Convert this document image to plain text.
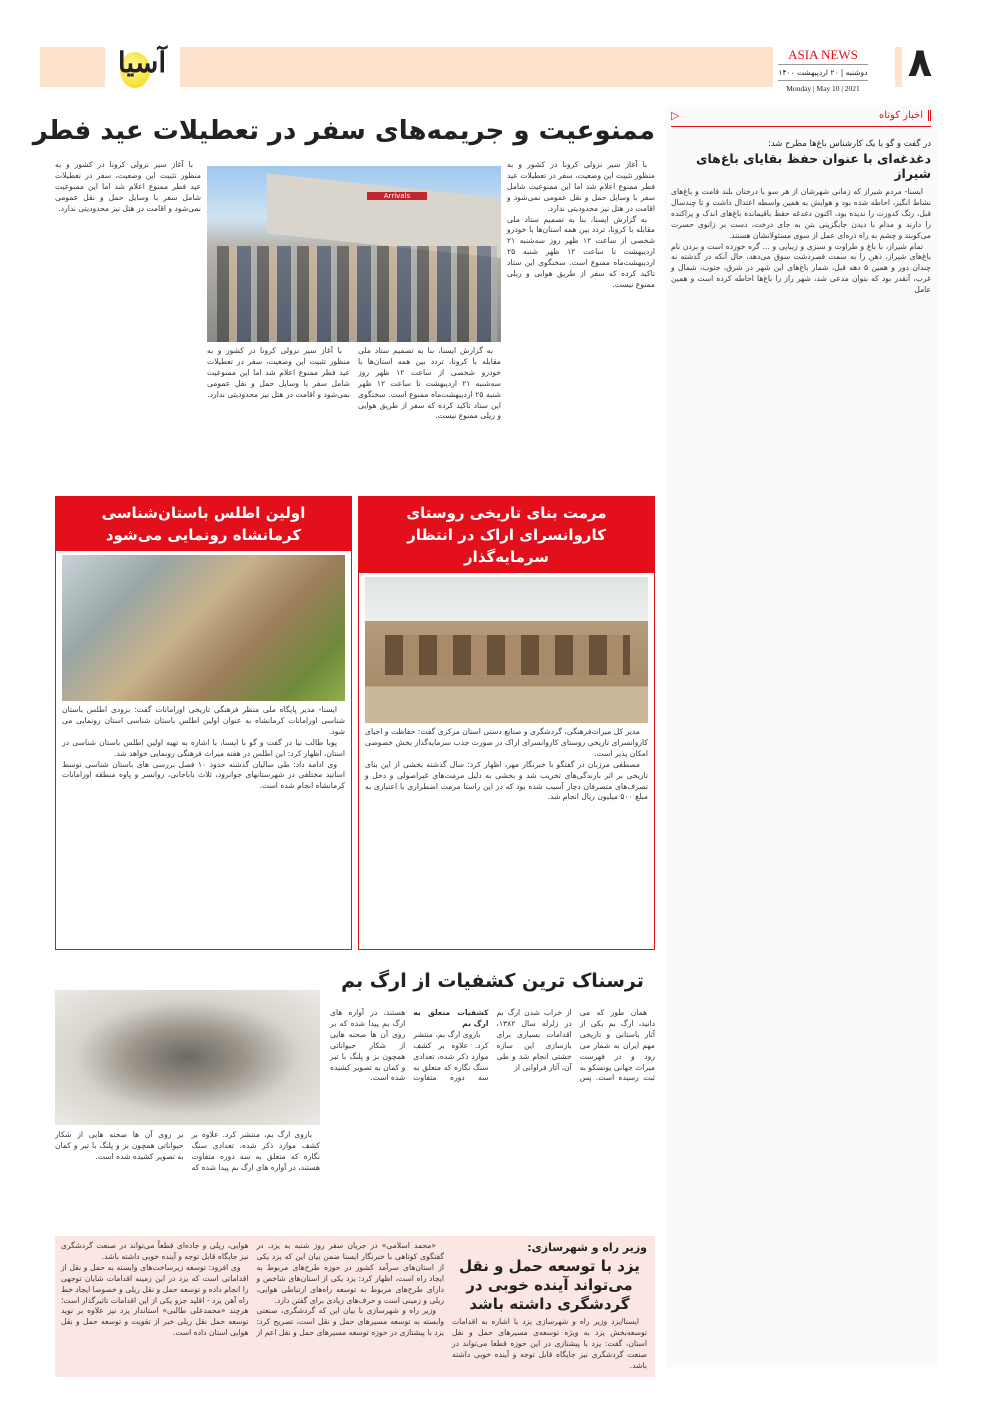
آسیا	ASIA NEWS
دوشنبه | ۲۰ اردیبهشت ۱۴۰۰
Monday | May 10 | 2021
۸
▷	اخبار کوتاه
در گفت و گو با یک کارشناس باغ‌ها مطرح شد:
دغدغه‌ای با عنوان حفظ بقایای باغ‌های شیراز

ایسنا- مردم شیراز که زمانی شهرشان از هر سو با درختان بلند قامت و باغ‌های نشاط انگیز، احاطه شده بود و هوایش به همین واسطه اعتدال داشت و تا چندسال قبل، رنگ کدورت را ندیده بود، اکنون دغدغه حفظ باقیمانده باغ‌های اندک و پراکنده را دارند و مدام با دیدن جایگزینی بتن به جای درخت، دست بر زانوی حسرت می‌کوبند و چشم به راه ذره‌ای عمل از سوی مسئولانشان هستند.

تمام شیراز، با باغ و طراوت و سبزی و زیبایی و ... گره خورده است و بردن نام باغ‌های شیراز، ذهن را به سمت قصردشت سوق می‌دهد، حال آنکه در گذشته نه چندان دور و همین ۵ دهه قبل، شمار باغ‌های این شهر در شرق، جنوب، شمال و غرب، آنقدر بود که بتوان مدعی شد، شهر راز را باغ‌ها احاطه کرده است و همین عامل

ممنوعیت و جریمه‌های سفر در تعطیلات عید فطر

با آغاز سیر نزولی کرونا در کشور و به منظور تثبیت این وضعیت، سفر در تعطیلات عید فطر ممنوع اعلام شد اما این ممنوعیت شامل سفر با وسایل حمل و نقل عمومی نمی‌شود و اقامت در هتل نیز محدودیتی ندارد.

به گزارش ایسنا، بنا به تصمیم ستاد ملی مقابله با کرونا، تردد بین همه استان‌ها با خودرو شخصی از ساعت ۱۲ ظهر روز سه‌شنبه ۲۱ اردیبهشت تا ساعت ۱۲ ظهر شنبه ۲۵ اردیبهشت‌ماه ممنوع است. سخنگوی این ستاد تاکید کرده که سفر از طریق هوایی و ریلی ممنوع نیست.

Arrivals

به گزارش ایسنا، بنا به تصمیم ستاد ملی مقابله با کرونا، تردد بین همه استان‌ها با خودرو شخصی از ساعت ۱۲ ظهر روز سه‌شنبه ۲۱ اردیبهشت تا ساعت ۱۲ ظهر شنبه ۲۵ اردیبهشت‌ماه ممنوع است. سخنگوی این ستاد تاکید کرده که سفر از طریق هوایی و ریلی ممنوع نیست.

با آغاز سیر نزولی کرونا در کشور و به منظور تثبیت این وضعیت، سفر در تعطیلات عید فطر ممنوع اعلام شد اما این ممنوعیت شامل سفر با وسایل حمل و نقل عمومی نمی‌شود و اقامت در هتل نیز محدودیتی ندارد.

با آغاز سیر نزولی کرونا در کشور و به منظور تثبیت این وضعیت، سفر در تعطیلات عید فطر ممنوع اعلام شد اما این ممنوعیت شامل سفر با وسایل حمل و نقل عمومی نمی‌شود و اقامت در هتل نیز محدودیتی ندارد.

مرمت بنای تاریخی روستای کاروانسرای اراک در انتظار سرمایه‌گذار

مدیر کل میراث‌فرهنگی، گردشگری و صنایع دستی استان مرکزی گفت: حفاظت و احیای کاروانسرای تاریخی روستای کاروانسرای اراک در صورت جذب سرمایه‌گذار بخش خصوصی امکان پذیر است.

مصطفی مرزبان در گفتگو با خبرنگار مهر، اظهار کرد: سال گذشته بخشی از این بنای تاریخی بر اثر بارندگی‌های تخریب شد و بخشی به دلیل مرمت‌های غیراصولی و دخل و تصرف‌های متصرفان دچار آسیب شده بود که در این راستا مرمت اضطراری با اعتباری به مبلغ ۵۰۰ میلیون ریال انجام شد.

اولین اطلس باستان‌شناسی کرمانشاه رونمایی می‌شود

ایسنا- مدیر پایگاه ملی منظر فرهنگی تاریخی اورامانات گفت: بزودی اطلس باستان شناسی اورامانات کرمانشاه به عنوان اولین اطلس باستان شناسی استان رونمایی می شود.

پویا طالب نیا در گفت و گو با ایسنا، با اشاره به تهیه اولین اطلس باستان شناسی در استان، اظهار کرد: این اطلس در هفته میراث فرهنگی رونمایی خواهد شد.

وی ادامه داد: طی سالیان گذشته حدود ۱۰ فصل بررسی های باستان شناسی توسط اساتید مختلفی در شهرستانهای جوانرود، ثلاث باباجانی، روانسر و پاوه منطقه اورامانات کرمانشاه انجام شده است.

ترسناک ترین کشفیات از ارگ بم

همان طور که می دانید، ارگ بم یکی از آثار باستانی و تاریخی مهم ایران به شمار می رود و در فهرست میراث جهانی یونسکو به ثبت رسیده است. پس از خراب شدن ارگ بم در زلزله سال ۱۳۸۲، اقدامات بسیاری برای بازسازی این سازه خشتی انجام شد و طی آن، آثار فراوانی از

کشفیات متعلق به ارگ بم

باروی ارگ بم، منتشر کرد. علاوه بر کشف موارد ذکر شده، تعدادی سنگ نگاره که متعلق به سه دوره متفاوت هستند، در آواره های ارگ بم پیدا شده که بر روی آن ها صحنه هایی از شکار حیواناتی همچون بز و پلنگ با تیر و کمان به تصویر کشیده شده است.

باروی ارگ بم، منتشر کرد. علاوه بر کشف موارد ذکر شده، تعدادی سنگ نگاره که متعلق به سه دوره متفاوت هستند، در آواره های ارگ بم پیدا شده که بر روی آن ها صحنه هایی از شکار حیواناتی همچون بز و پلنگ با تیر و کمان به تصویر کشیده شده است.

وزیر راه و شهرسازی:
یزد با توسعه حمل و نقل می‌تواند آینده خوبی در گردشگری داشته باشد

ایسنا/یزد وزیر راه و شهرسازی یزد با اشاره به اقدامات توسعه‌بخش یزد به ویژه توسعه‌ی مسیرهای حمل و نقل استان، گفت: یزد با پیشتازی در این حوزه قطعا می‌تواند در صنعت گردشگری نیز جایگاه قابل توجه و آینده خوبی داشته باشد.

«محمد اسلامی» در جریان سفر روز شنبه به یزد، در گفتگوی کوتاهی با خبرنگار ایسنا ضمن بیان این که یزد یکی از استان‌های سرآمد کشور در حوزه طرح‌های مربوط به ایجاد راه است، اظهار کرد: یزد یکی از استان‌های شاخص و دارای طرح‌های مربوط به توسعه راه‌های ارتباطی هوایی، ریلی و زمینی است و حرف‌های زیادی برای گفتن دارد.

وزیر راه و شهرسازی با بیان این که گردشگری، صنعتی وابسته به توسعه مسیرهای حمل و نقل است، تصریح کرد: یزد با پیشتازی در حوزه توسعه مسیرهای حمل و نقل اعم از هوایی، ریلی و جاده‌ای قطعاً می‌تواند در صنعت گردشگری نیز جایگاه قابل توجه و آینده خوبی داشته باشد.

وی افزود: توسعه زیرساخت‌های وابسته به حمل و نقل از اقداماتی است که یزد در این زمینه اقدامات شایان توجهی را انجام داده و توسعه حمل و نقل ریلی و خصوصا ایجاد خط راه آهن یزد - اقلید جزو یکی از این اقدامات تاثیرگذار است؛ هرچند «محمدعلی طالبی» استاندار یزد نیز علاوه بر نوید توسعه حمل نقل ریلی خبر از تقویت و توسعه حمل و نقل هوایی استان داده است.
